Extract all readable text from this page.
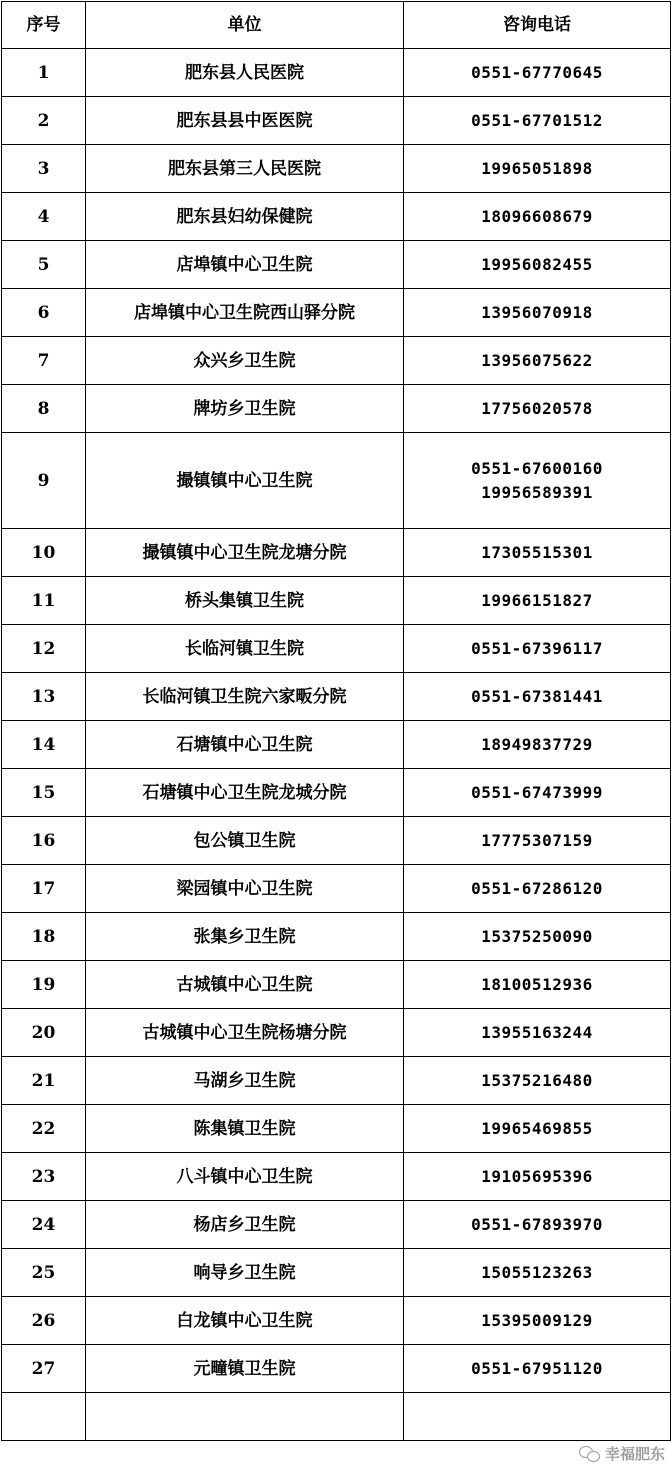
序号	单位	咨询电话
1	肥东县人民医院	0551-67770645

2	肥东县县中医医院	0551-67701512

3	肥东县第三人民医院	19965051898

4	肥东县妇幼保健院	18096608679

5	店埠镇中心卫生院	19956082455

6	店埠镇中心卫生院西山驿分院	13956070918

7	众兴乡卫生院	13956075622

8	牌坊乡卫生院	17756020578

9	撮镇镇中心卫生院	0551-67600160
19956589391

10	撮镇镇中心卫生院龙塘分院	17305515301

11	桥头集镇卫生院	19966151827

12	长临河镇卫生院	0551-67396117

13	长临河镇卫生院六家畈分院	0551-67381441

14	石塘镇中心卫生院	18949837729

15	石塘镇中心卫生院龙城分院	0551-67473999

16	包公镇卫生院	17775307159

17	梁园镇中心卫生院	0551-67286120

18	张集乡卫生院	15375250090

19	古城镇中心卫生院	18100512936

20	古城镇中心卫生院杨塘分院	13955163244

21	马湖乡卫生院	15375216480

22	陈集镇卫生院	19965469855

23	八斗镇中心卫生院	19105695396

24	杨店乡卫生院	0551-67893970

25	响导乡卫生院	15055123263

26	白龙镇中心卫生院	15395009129

27	元疃镇卫生院	0551-67951120

幸福肥东
